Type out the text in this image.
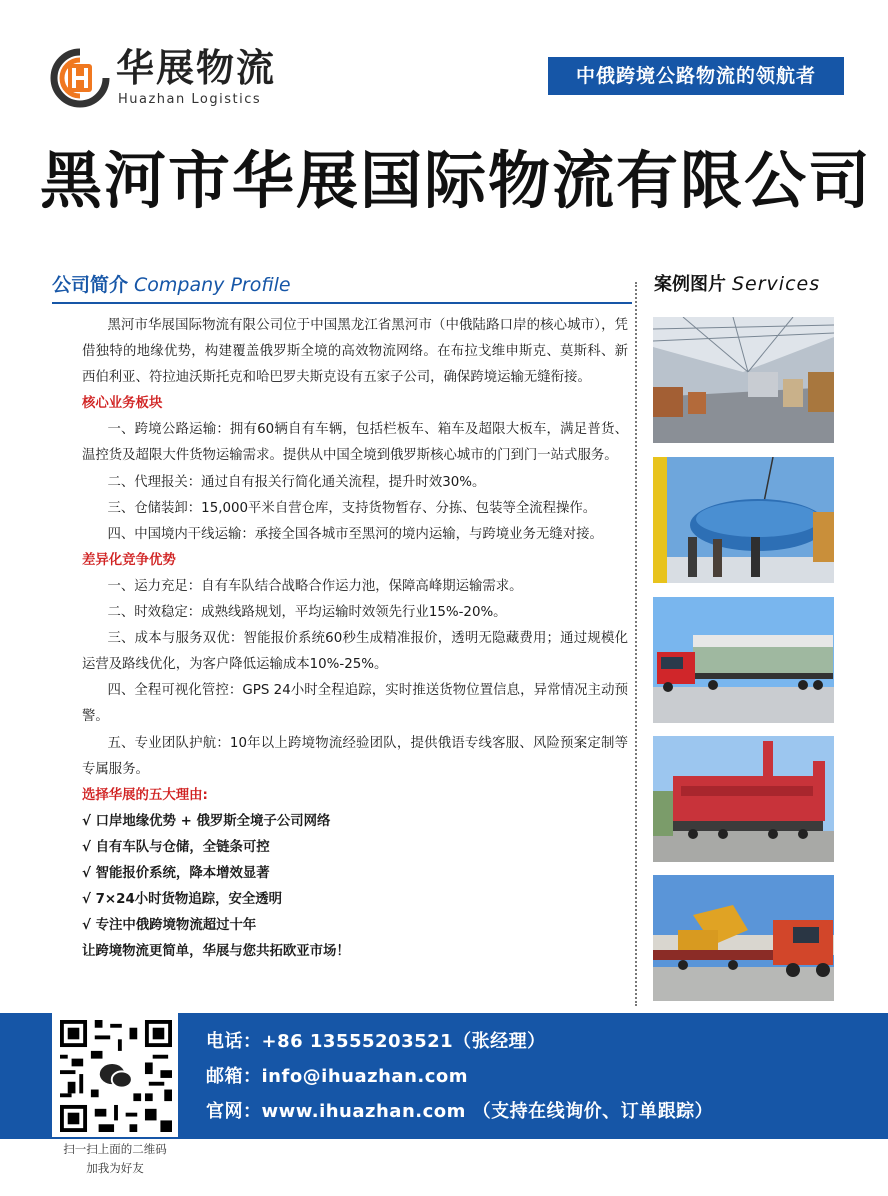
华展物流
Huazhan Logistics
中俄跨境公路物流的领航者
黑河市华展国际物流有限公司
公司简介 Company Profile	案例图片 Services

黑河市华展国际物流有限公司位于中国黑龙江省黑河市（中俄陆路口岸的核心城市），凭借独特的地缘优势，构建覆盖俄罗斯全境的高效物流网络。在布拉戈维申斯克、莫斯科、新西伯利亚、符拉迪沃斯托克和哈巴罗夫斯克设有五家子公司，确保跨境运输无缝衔接。

核心业务板块

一、跨境公路运输：拥有60辆自有车辆，包括栏板车、箱车及超限大板车，满足普货、温控货及超限大件货物运输需求。提供从中国全境到俄罗斯核心城市的门到门一站式服务。

二、代理报关：通过自有报关行简化通关流程，提升时效30%。

三、仓储装卸：15,000平米自营仓库，支持货物暂存、分拣、包装等全流程操作。

四、中国境内干线运输：承接全国各城市至黑河的境内运输，与跨境业务无缝对接。

差异化竞争优势

一、运力充足：自有车队结合战略合作运力池，保障高峰期运输需求。

二、时效稳定：成熟线路规划，平均运输时效领先行业15%-20%。

三、成本与服务双优：智能报价系统60秒生成精准报价，透明无隐藏费用；通过规模化运营及路线优化，为客户降低运输成本10%-25%。

四、全程可视化管控：GPS 24小时全程追踪，实时推送货物位置信息，异常情况主动预警。

五、专业团队护航：10年以上跨境物流经验团队，提供俄语专线客服、风险预案定制等专属服务。

选择华展的五大理由:

√ 口岸地缘优势 + 俄罗斯全境子公司网络

√ 自有车队与仓储，全链条可控

√ 智能报价系统，降本增效显著

√ 7×24小时货物追踪，安全透明

√ 专注中俄跨境物流超过十年

让跨境物流更简单，华展与您共拓欧亚市场！

扫一扫上面的二维码
加我为好友
电话：+86 13555203521（张经理）
邮箱：info@ihuazhan.com
官网：www.ihuazhan.com （支持在线询价、订单跟踪）
